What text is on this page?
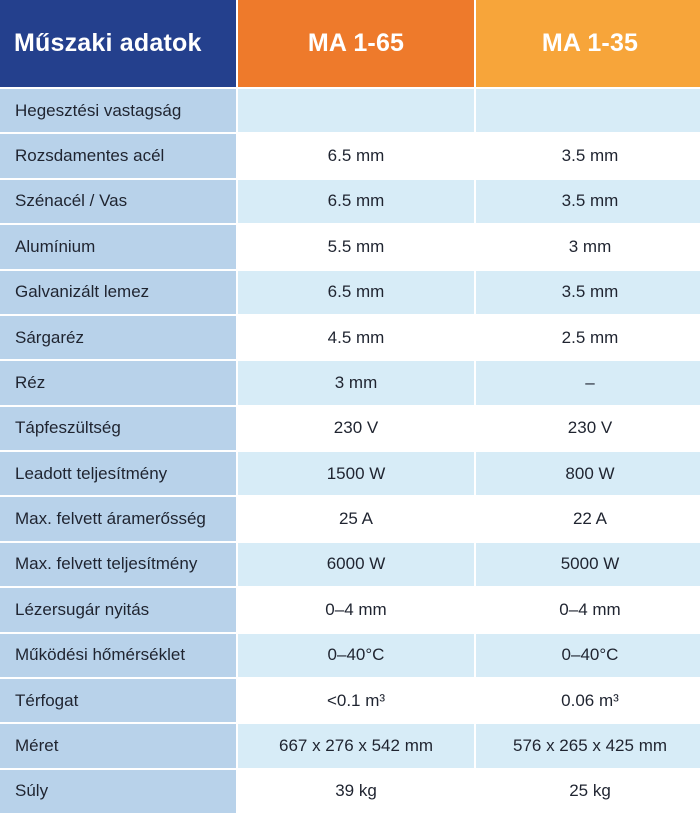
Műszaki adatok	MA 1-65	MA 1-35
Hegesztési vastagság
Rozsdamentes acél	6.5 mm	3.5 mm
Szénacél / Vas	6.5 mm	3.5 mm
Alumínium	5.5 mm	3 mm
Galvanizált lemez	6.5 mm	3.5 mm
Sárgaréz	4.5 mm	2.5 mm
Réz	3 mm	–
Tápfeszültség	230 V	230 V
Leadott teljesítmény	1500 W	800 W
Max. felvett áramerősség	25 A	22 A
Max. felvett teljesítmény	6000 W	5000 W
Lézersugár nyitás	0–4 mm	0–4 mm
Működési hőmérséklet	0–40°C	0–40°C
Térfogat	<0.1 m³	0.06 m³
Méret	667 x 276 x 542 mm	576 x 265 x 425 mm
Súly	39 kg	25 kg
